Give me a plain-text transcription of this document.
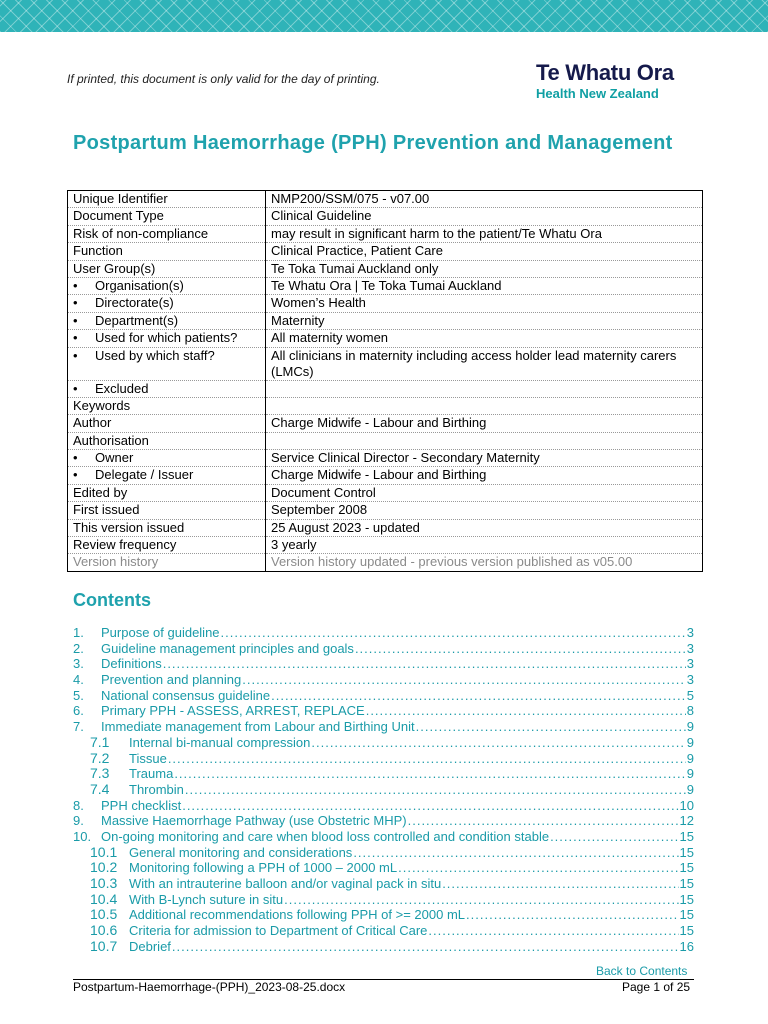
If printed, this document is only valid for the day of printing.	Te Whatu Ora
Health New Zealand
Postpartum Haemorrhage (PPH) Prevention and Management
Unique Identifier	NMP200/SSM/075 - v07.00
Document Type	Clinical Guideline
Risk of non-compliance	may result in significant harm to the patient/Te Whatu Ora
Function	Clinical Practice, Patient Care
User Group(s)	Te Toka Tumai Auckland only
• Organisation(s)	Te Whatu Ora | Te Toka Tumai Auckland
• Directorate(s)	Women’s Health
• Department(s)	Maternity
• Used for which patients?	All maternity women
• Used by which staff?	All clinicians in maternity including access holder lead maternity carers (LMCs)
• Excluded	
Keywords	
Author	Charge Midwife - Labour and Birthing
Authorisation	
• Owner	Service Clinical Director - Secondary Maternity
• Delegate / Issuer	Charge Midwife - Labour and Birthing
Edited by	Document Control
First issued	September 2008
This version issued	25 August 2023 - updated
Review frequency	3 yearly
Version history	Version history updated - previous version published as v05.00
Contents
1.	Purpose of guideline .....	3
2.	Guideline management principles and goals .....	3
3.	Definitions .....	3
4.	Prevention and planning .....	3
5.	National consensus guideline .....	5
6.	Primary PPH - ASSESS, ARREST, REPLACE .....	8
7.	Immediate management from Labour and Birthing Unit .....	9
7.1	Internal bi-manual compression .....	9
7.2	Tissue .....	9
7.3	Trauma .....	9
7.4	Thrombin .....	9
8.	PPH checklist .....	10
9.	Massive Haemorrhage Pathway (use Obstetric MHP) .....	12
10. On-going monitoring and care when blood loss controlled and condition stable .....	15
10.1 General monitoring and considerations .....	15
10.2 Monitoring following a PPH of 1000 – 2000 mL .....	15
10.3 With an intrauterine balloon and/or vaginal pack in situ .....	15
10.4 With B-Lynch suture in situ .....	15
10.5 Additional recommendations following PPH of >= 2000 mL .....	15
10.6 Criteria for admission to Department of Critical Care .....	15
10.7 Debrief .....	16
Back to Contents
Postpartum-Haemorrhage-(PPH)_2023-08-25.docx	Page 1 of 25
